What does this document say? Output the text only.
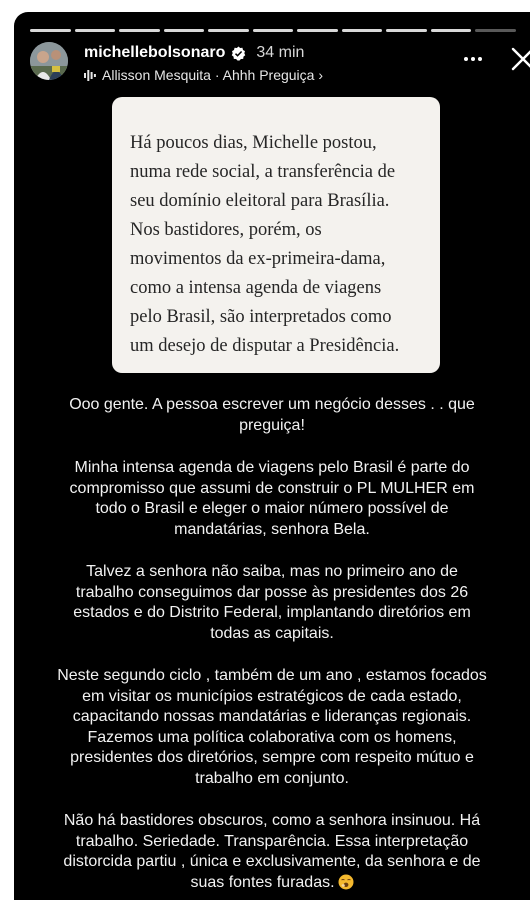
michellebolsonaro 34 min
Allisson Mesquita · Ahhh Preguiça ›
Há poucos dias, Michelle postou,
numa rede social, a transferência de
seu domínio eleitoral para Brasília.
Nos bastidores, porém, os
movimentos da ex-primeira-dama,
como a intensa agenda de viagens
pelo Brasil, são interpretados como
um desejo de disputar a Presidência.
Ooo gente. A pessoa escrever um negócio desses . . que
preguiça!
Minha intensa agenda de viagens pelo Brasil é parte do
compromisso que assumi de construir o PL MULHER em
todo o Brasil e eleger o maior número possível de
mandatárias, senhora Bela.
Talvez a senhora não saiba, mas no primeiro ano de
trabalho conseguimos dar posse às presidentes dos 26
estados e do Distrito Federal, implantando diretórios em
todas as capitais.
Neste segundo ciclo , também de um ano , estamos focados
em visitar os municípios estratégicos de cada estado,
capacitando nossas mandatárias e lideranças regionais.
Fazemos uma política colaborativa com os homens,
presidentes dos diretórios, sempre com respeito mútuo e
trabalho em conjunto.
Não há bastidores obscuros, como a senhora insinuou. Há
trabalho. Seriedade. Transparência. Essa interpretação
distorcida partiu , única e exclusivamente, da senhora e de
suas fontes furadas.
